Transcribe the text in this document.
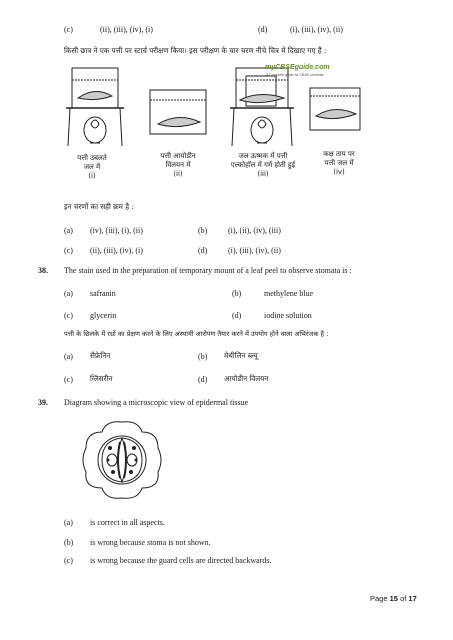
(c)	(ii), (iii), (iv), (i)	(d)	(i), (iii), (iv), (ii)
किसी छात्र ने एक पत्ती पर स्टार्च परीक्षण किया। इस परीक्षण के चार चरण नीचे चित्र में दिखाए गए हैं :
myCBSEguide.com
A Complete guide for CBSE students
पत्ती उबलते
जल में
(i)
पत्ती आयोडीन
विलयन में
(ii)
जल ऊष्मक में पत्ती
एल्कोहॉल में गर्म होती हुई
(iii)
कक्ष ताप पर
पत्ती जल में
(iv)
इन चरणों का सही क्रम है :
(a) (iv), (iii), (i), (ii)	(b)	(i), (ii), (iv), (iii)
(c) (ii), (iii), (iv), (i)	(d)	(i), (iii), (iv), (ii)
38. The stain used in the preparation of temporary mount of a leaf peel to observe stomata is :
(a) safranin	(b)	methylene blue
(c) glycerin	(d)	iodine solution
पत्ती के छिलके में रंध्रों का प्रेक्षण करने के लिए अस्थायी आरोपण तैयार करने में उपयोग होने वाला अभिरंजक है :
(a) सैफ्रेनिन	(b) मेथीलिन ब्ल्यू
(c) ग्लिसरीन	(d) आयोडीन विलयन
39. Diagram showing a microscopic view of epidermal tissue
(a) is correct in all aspects.
(b) is wrong because stoma is not shown.
(c) is wrong because the guard cells are directed backwards.
Page 15 of 17
